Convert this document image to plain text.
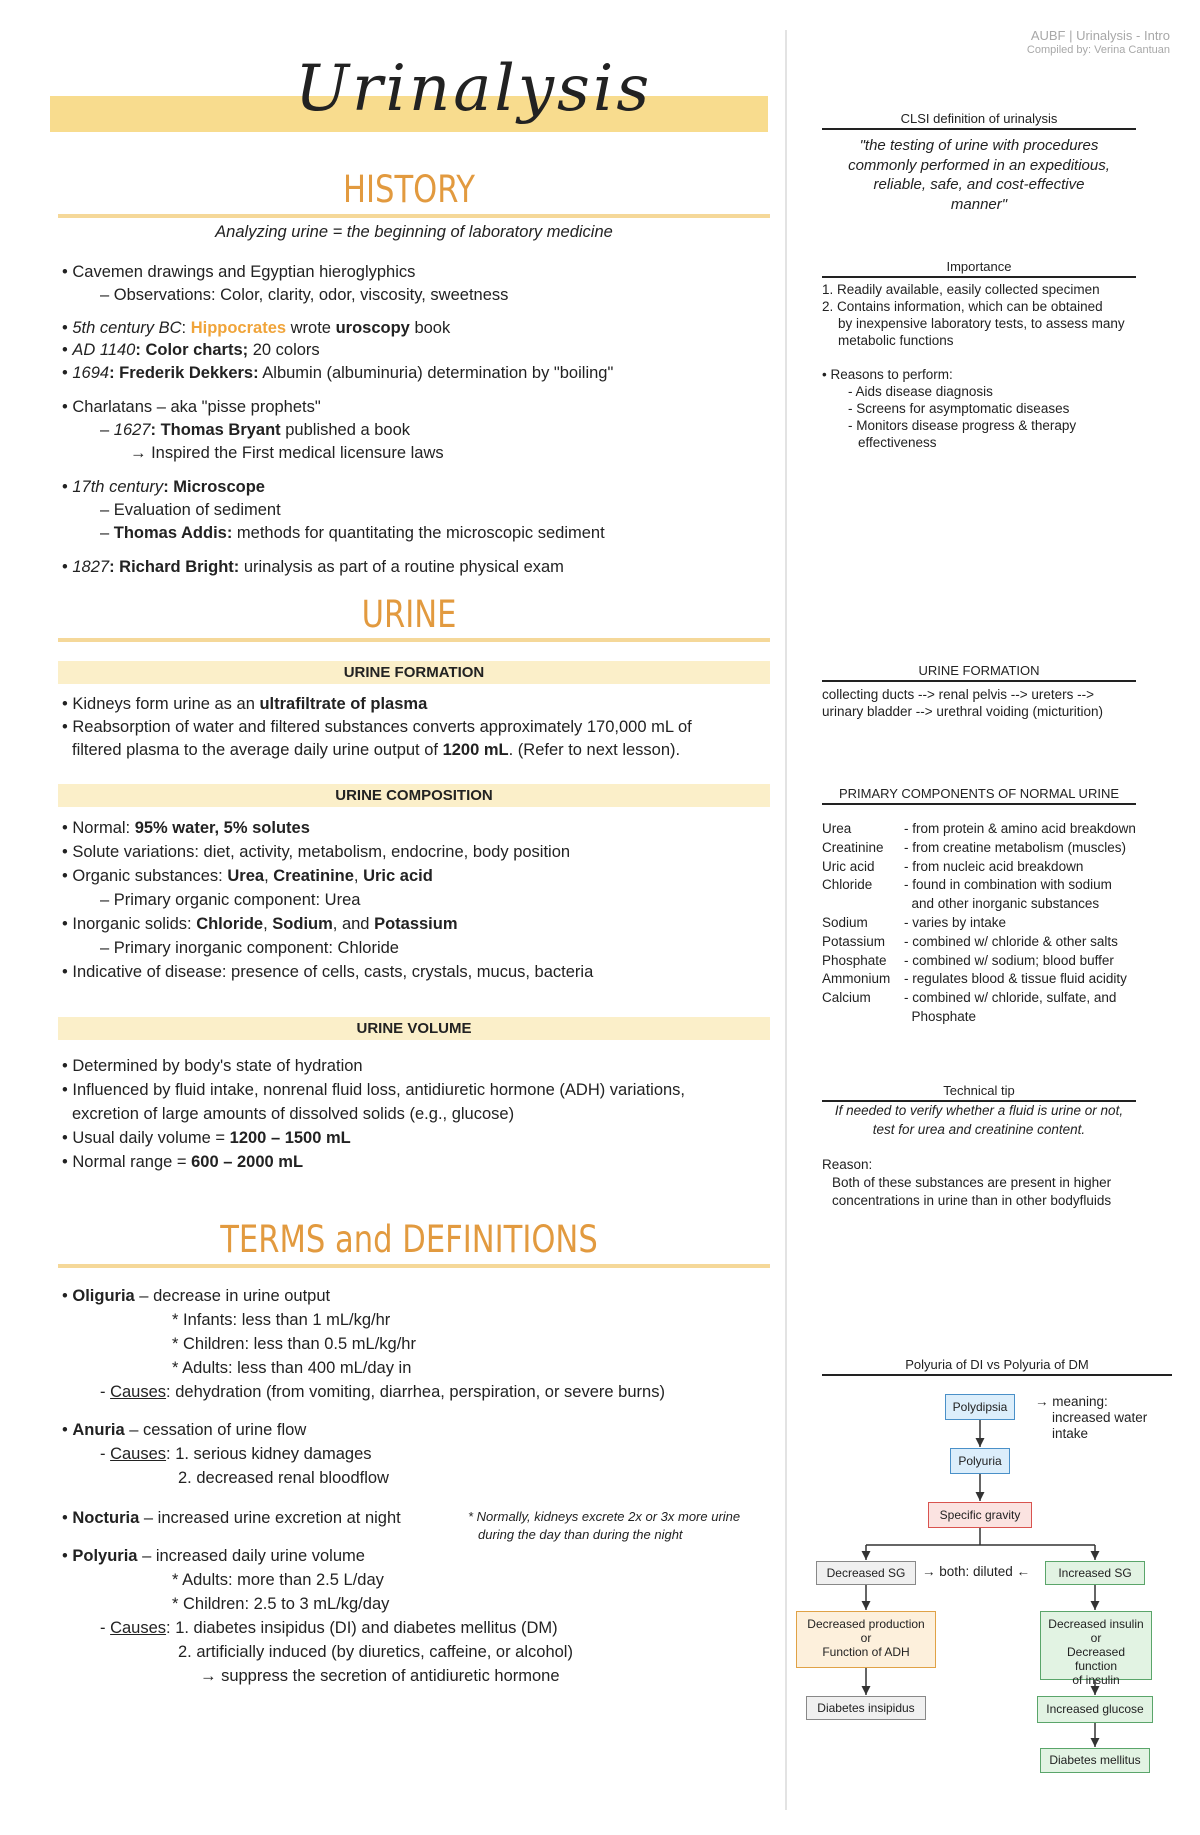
AUBF | Urinalysis - Intro
Compiled by: Verina Cantuan
Urinalysis
HISTORY
Analyzing urine = the beginning of laboratory medicine
• Cavemen drawings and Egyptian hieroglyphics
– Observations: Color, clarity, odor, viscosity, sweetness
• 5th century BC: Hippocrates wrote uroscopy book
• AD 1140: Color charts; 20 colors
• 1694: Frederik Dekkers: Albumin (albuminuria) determination by "boiling"
• Charlatans – aka "pisse prophets"
– 1627: Thomas Bryant published a book
→ Inspired the First medical licensure laws
• 17th century: Microscope
– Evaluation of sediment
– Thomas Addis: methods for quantitating the microscopic sediment
• 1827: Richard Bright: urinalysis as part of a routine physical exam
URINE
URINE FORMATION
• Kidneys form urine as an ultrafiltrate of plasma
• Reabsorption of water and filtered substances converts approximately 170,000 mL of
filtered plasma to the average daily urine output of 1200 mL. (Refer to next lesson).
URINE COMPOSITION
• Normal: 95% water, 5% solutes
• Solute variations: diet, activity, metabolism, endocrine, body position
• Organic substances: Urea, Creatinine, Uric acid
– Primary organic component: Urea
• Inorganic solids: Chloride, Sodium, and Potassium
– Primary inorganic component: Chloride
• Indicative of disease: presence of cells, casts, crystals, mucus, bacteria
URINE VOLUME
• Determined by body's state of hydration
• Influenced by fluid intake, nonrenal fluid loss, antidiuretic hormone (ADH) variations,
excretion of large amounts of dissolved solids (e.g., glucose)
• Usual daily volume = 1200 – 1500 mL
• Normal range = 600 – 2000 mL
TERMS and DEFINITIONS
• Oliguria – decrease in urine output
* Infants: less than 1 mL/kg/hr
* Children: less than 0.5 mL/kg/hr
* Adults: less than 400 mL/day in
- Causes: dehydration (from vomiting, diarrhea, perspiration, or severe burns)
• Anuria – cessation of urine flow
- Causes: 1. serious kidney damages
2. decreased renal bloodflow
• Nocturia – increased urine excretion at night	* Normally, kidneys excrete 2x or 3x more urine
during the day than during the night
• Polyuria – increased daily urine volume
* Adults: more than 2.5 L/day
* Children: 2.5 to 3 mL/kg/day
- Causes: 1. diabetes insipidus (DI) and diabetes mellitus (DM)
2. artificially induced (by diuretics, caffeine, or alcohol)
→ suppress the secretion of antidiuretic hormone
CLSI definition of urinalysis
"the testing of urine with procedures
commonly performed in an expeditious,
reliable, safe, and cost-effective
manner"
Importance
1. Readily available, easily collected specimen
2. Contains information, which can be obtained
by inexpensive laboratory tests, to assess many
metabolic functions
• Reasons to perform:
- Aids disease diagnosis
- Screens for asymptomatic diseases
- Monitors disease progress & therapy
effectiveness
URINE FORMATION
collecting ducts --> renal pelvis --> ureters -->
urinary bladder --> urethral voiding (micturition)
PRIMARY COMPONENTS OF NORMAL URINE
Urea	- from protein & amino acid breakdown
Creatinine - from creatine metabolism (muscles)
Uric acid - from nucleic acid breakdown
Chloride - found in combination with sodium
and other inorganic substances
Sodium	- varies by intake
Potassium - combined w/ chloride & other salts
Phosphate - combined w/ sodium; blood buffer
Ammonium - regulates blood & tissue fluid acidity
Calcium - combined w/ chloride, sulfate, and
Phosphate
Technical tip
If needed to verify whether a fluid is urine or not,
test for urea and creatinine content.
Reason:
Both of these substances are present in higher
concentrations in urine than in other bodyfluids
Polyuria of DI vs Polyuria of DM
Polydipsia	→ meaning:
increased water
intake
Polyuria
Specific gravity
Decreased SG	→ both: diluted ←	Increased SG
Decreased production
or
Function of ADH
Decreased insulin
or
Decreased function
of insulin
Diabetes insipidus	Increased glucose
Diabetes mellitus
